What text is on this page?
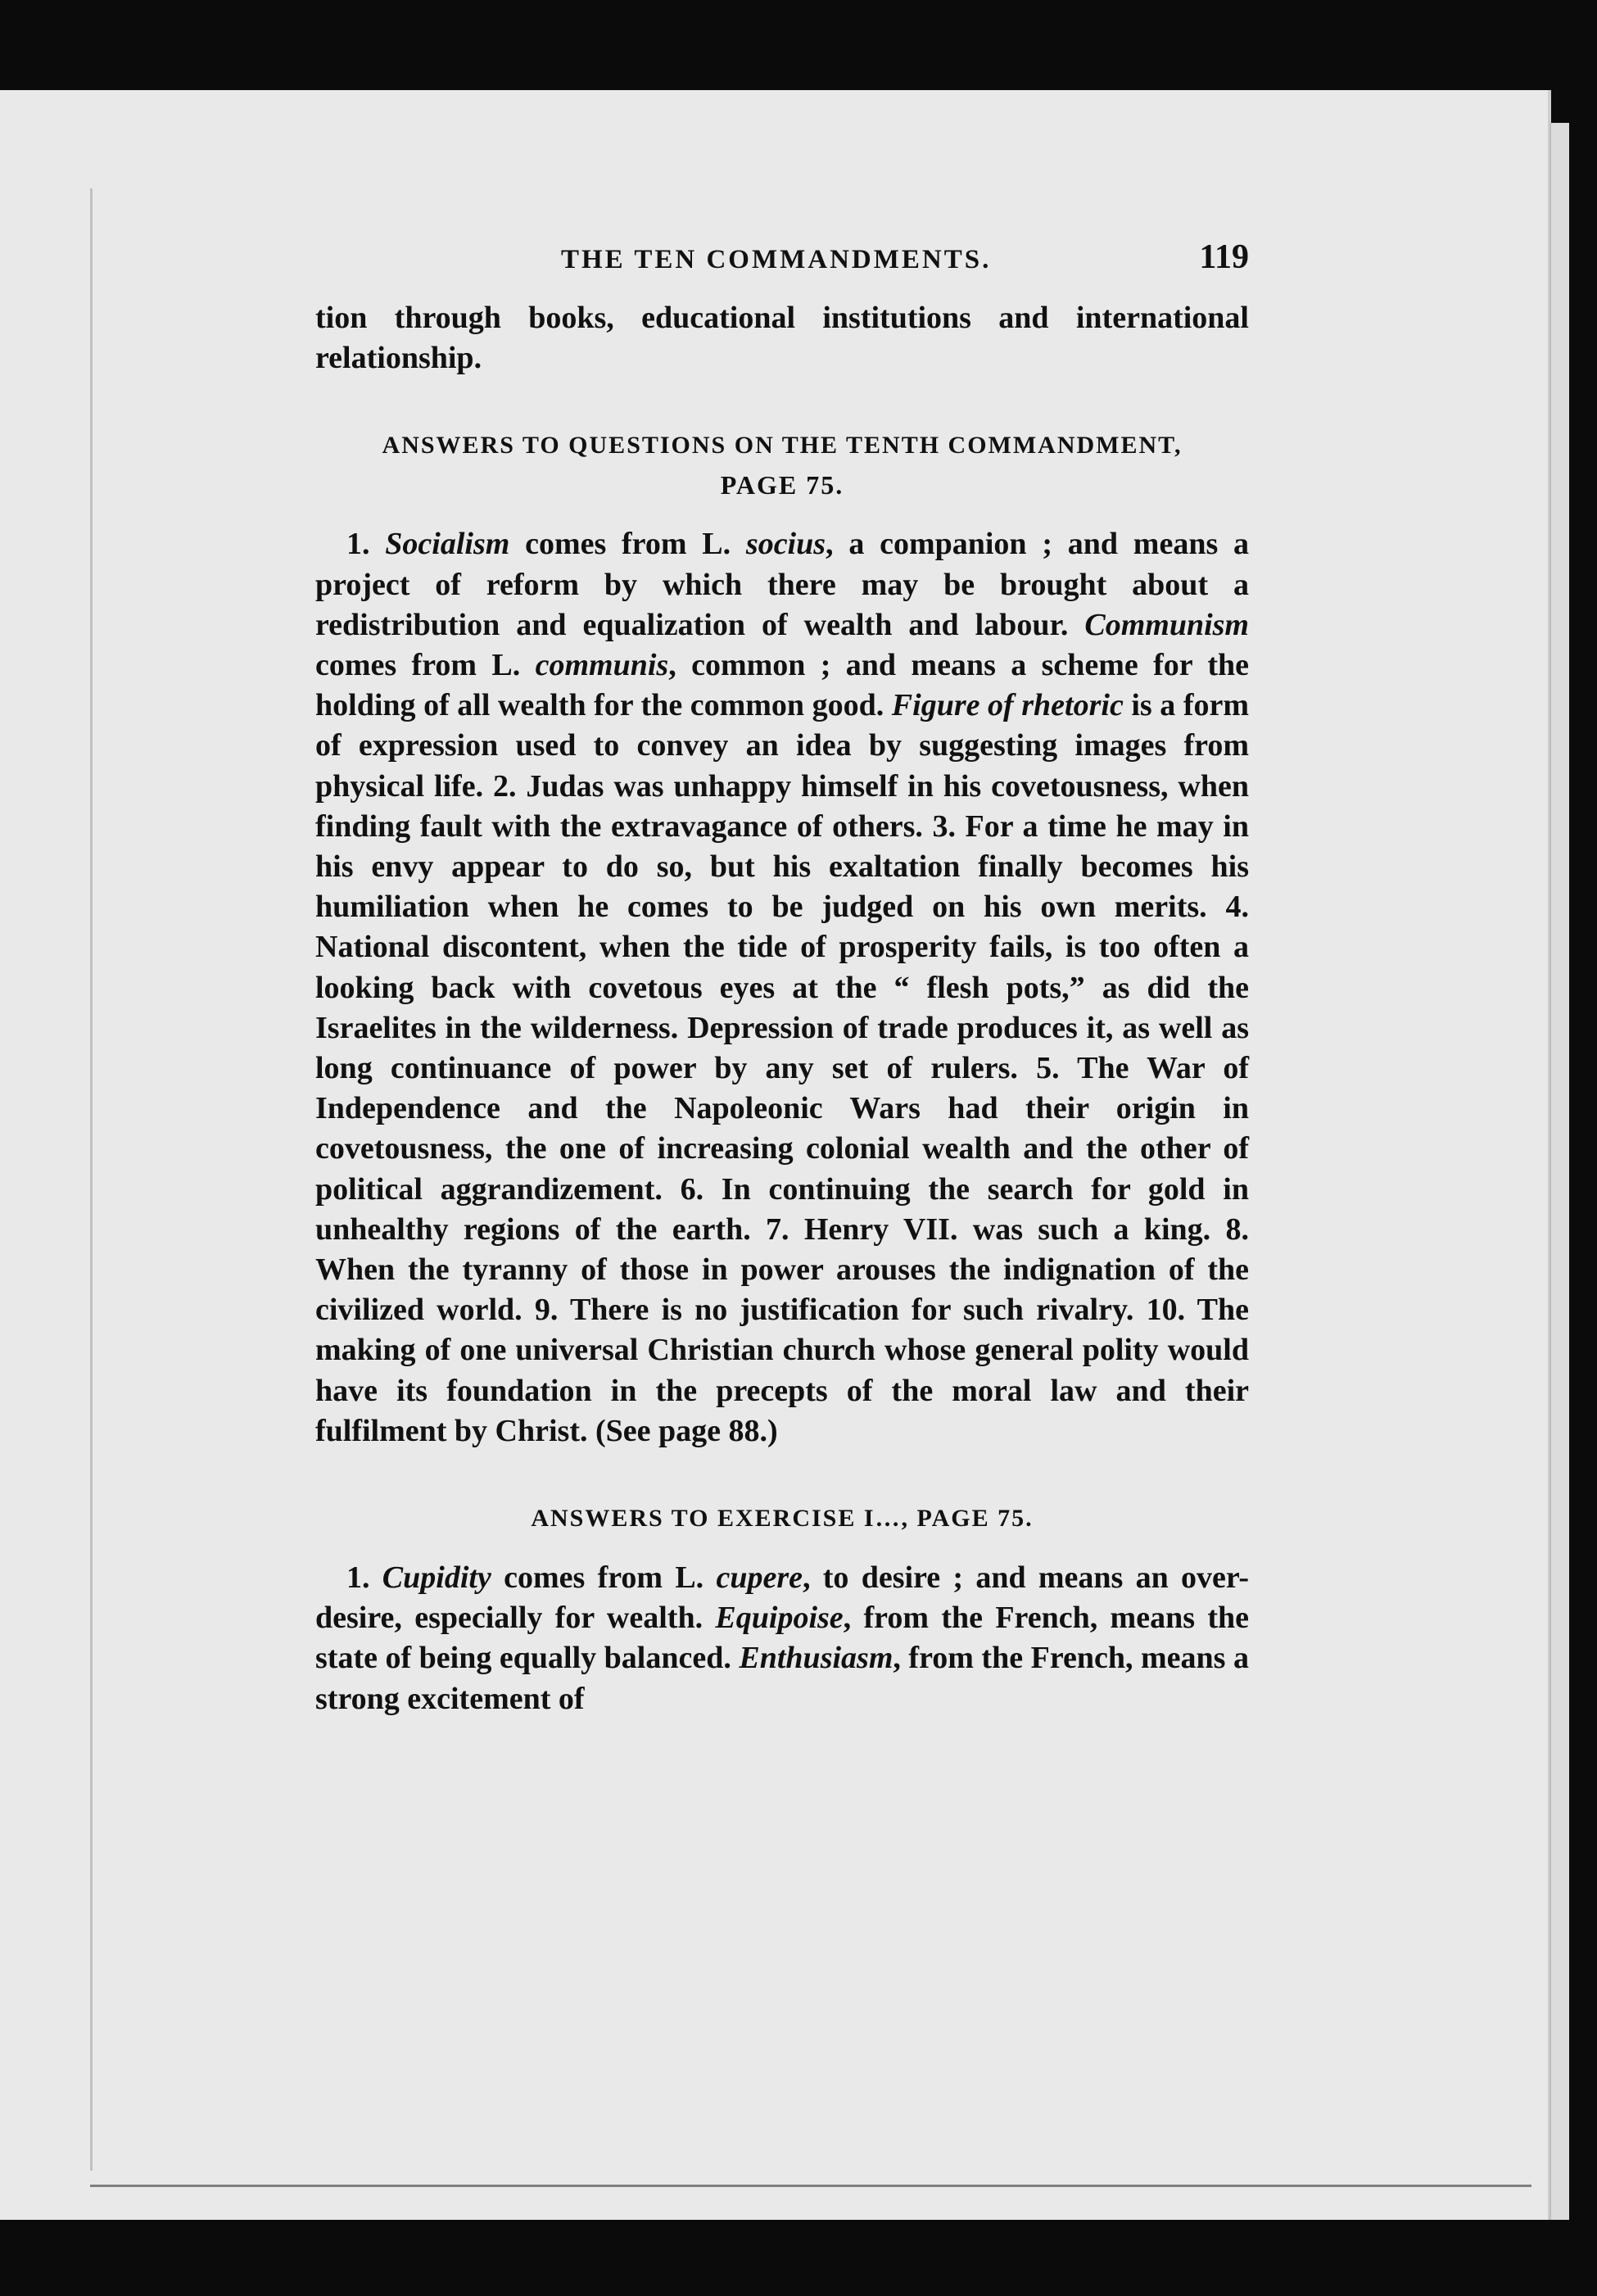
THE TEN COMMANDMENTS.	119

tion through books, educational institutions and international relationship.

ANSWERS TO QUESTIONS ON THE TENTH COMMANDMENT,
PAGE 75.

1. Socialism comes from L. socius, a companion ; and means a project of reform by which there may be brought about a redistribution and equalization of wealth and labour. Communism comes from L. communis, common ; and means a scheme for the holding of all wealth for the common good. Figure of rhetoric is a form of expression used to convey an idea by suggesting images from physical life. 2. Judas was unhappy himself in his covetousness, when finding fault with the extravagance of others. 3. For a time he may in his envy appear to do so, but his exaltation finally becomes his humiliation when he comes to be judged on his own merits. 4. National discontent, when the tide of prosperity fails, is too often a looking back with covetous eyes at the “ flesh pots,” as did the Israelites in the wilderness. Depression of trade produces it, as well as long continuance of power by any set of rulers. 5. The War of Independence and the Napoleonic Wars had their origin in covetousness, the one of increasing colonial wealth and the other of political aggrandizement. 6. In continuing the search for gold in unhealthy regions of the earth. 7. Henry VII. was such a king. 8. When the tyranny of those in power arouses the indignation of the civilized world. 9. There is no justification for such rivalry. 10. The making of one universal Christian church whose general polity would have its foundation in the precepts of the moral law and their fulfilment by Christ. (See page 88.)

ANSWERS TO EXERCISE I…, PAGE 75.

1. Cupidity comes from L. cupere, to desire ; and means an over-desire, especially for wealth. Equipoise, from the French, means the state of being equally balanced. Enthusiasm, from the French, means a strong excitement of
